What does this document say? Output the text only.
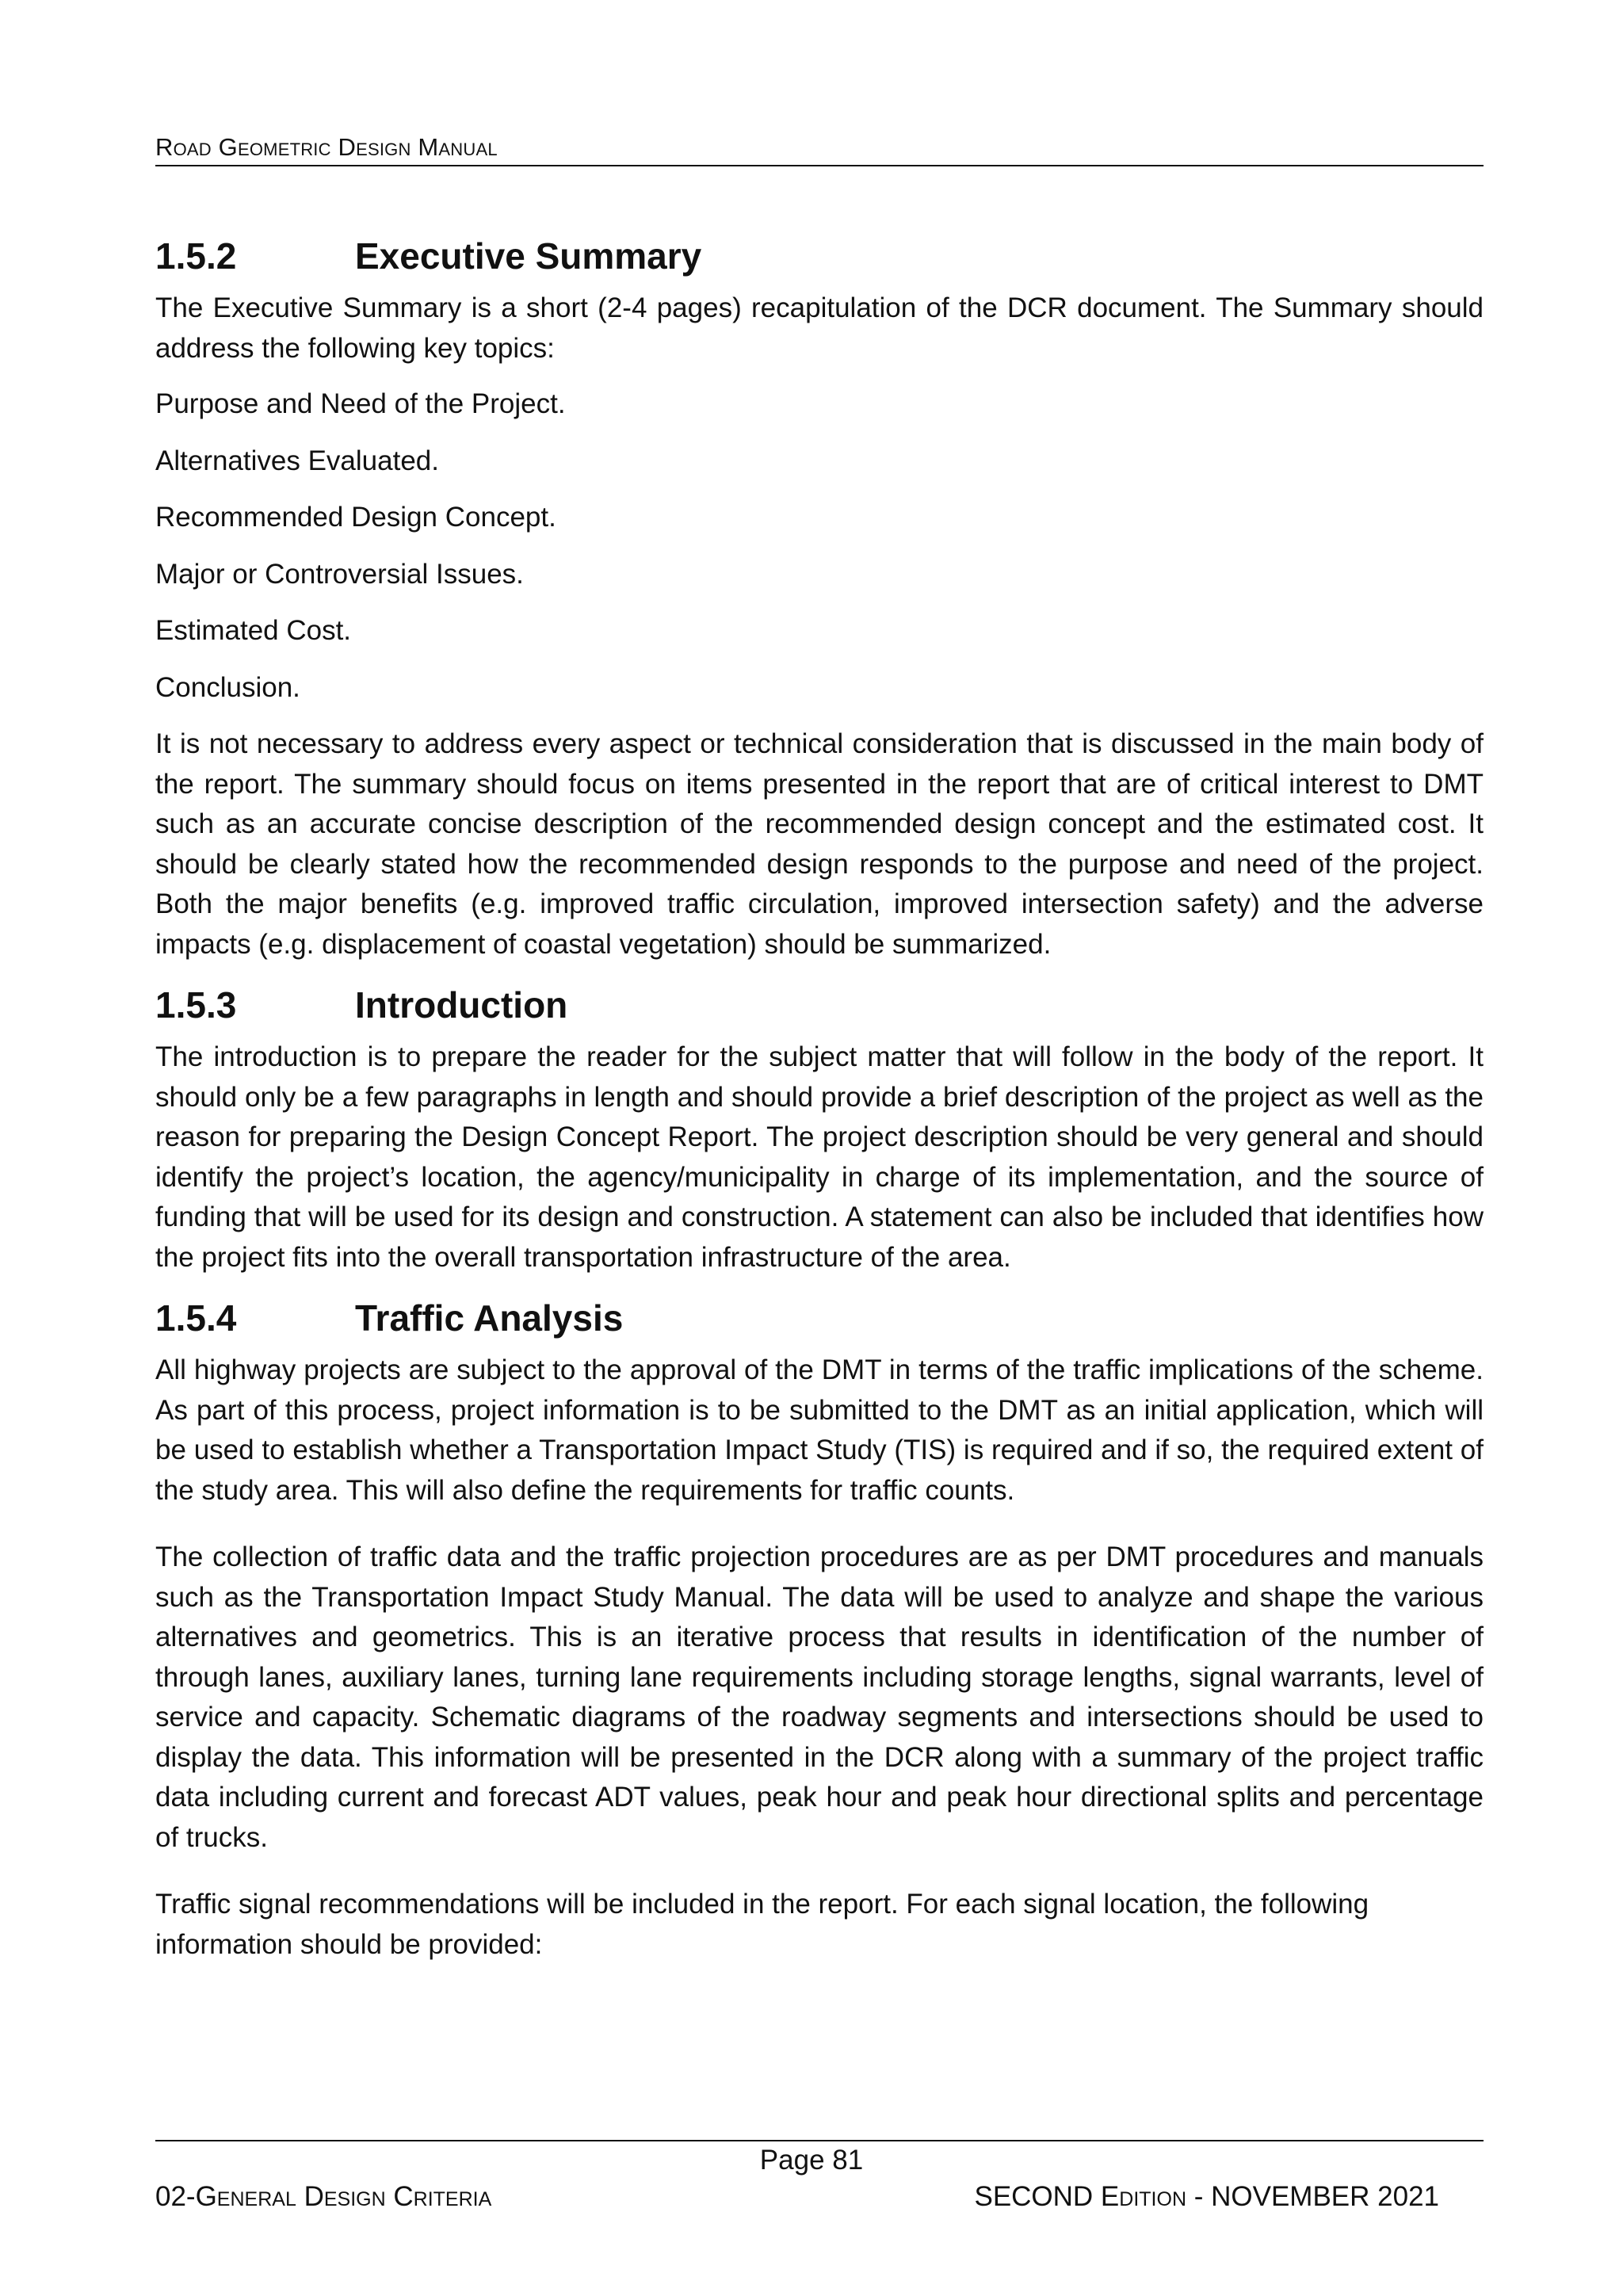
Road Geometric Design Manual
1.5.2	Executive Summary

The Executive Summary is a short (2-4 pages) recapitulation of the DCR document. The Summary should address the following key topics:

Purpose and Need of the Project.

Alternatives Evaluated.

Recommended Design Concept.

Major or Controversial Issues.

Estimated Cost.

Conclusion.

It is not necessary to address every aspect or technical consideration that is discussed in the main body of the report. The summary should focus on items presented in the report that are of critical interest to DMT such as an accurate concise description of the recommended design concept and the estimated cost. It should be clearly stated how the recommended design responds to the purpose and need of the project. Both the major benefits (e.g. improved traffic circulation, improved intersection safety) and the adverse impacts (e.g. displacement of coastal vegetation) should be summarized.

1.5.3	Introduction

The introduction is to prepare the reader for the subject matter that will follow in the body of the report. It should only be a few paragraphs in length and should provide a brief description of the project as well as the reason for preparing the Design Concept Report. The project description should be very general and should identify the project’s location, the agency/municipality in charge of its implementation, and the source of funding that will be used for its design and construction. A statement can also be included that identifies how the project fits into the overall transportation infrastructure of the area.

1.5.4	Traffic Analysis

All highway projects are subject to the approval of the DMT in terms of the traffic implications of the scheme. As part of this process, project information is to be submitted to the DMT as an initial application, which will be used to establish whether a Transportation Impact Study (TIS) is required and if so, the required extent of the study area. This will also define the requirements for traffic counts.

The collection of traffic data and the traffic projection procedures are as per DMT procedures and manuals such as the Transportation Impact Study Manual. The data will be used to analyze and shape the various alternatives and geometrics. This is an iterative process that results in identification of the number of through lanes, auxiliary lanes, turning lane requirements including storage lengths, signal warrants, level of service and capacity. Schematic diagrams of the roadway segments and intersections should be used to display the data. This information will be presented in the DCR along with a summary of the project traffic data including current and forecast ADT values, peak hour and peak hour directional splits and percentage of trucks.

Traffic signal recommendations will be included in the report. For each signal location, the following information should be provided:

Page 81
02-General Design Criteria	SECOND Edition - NOVEMBER 2021
